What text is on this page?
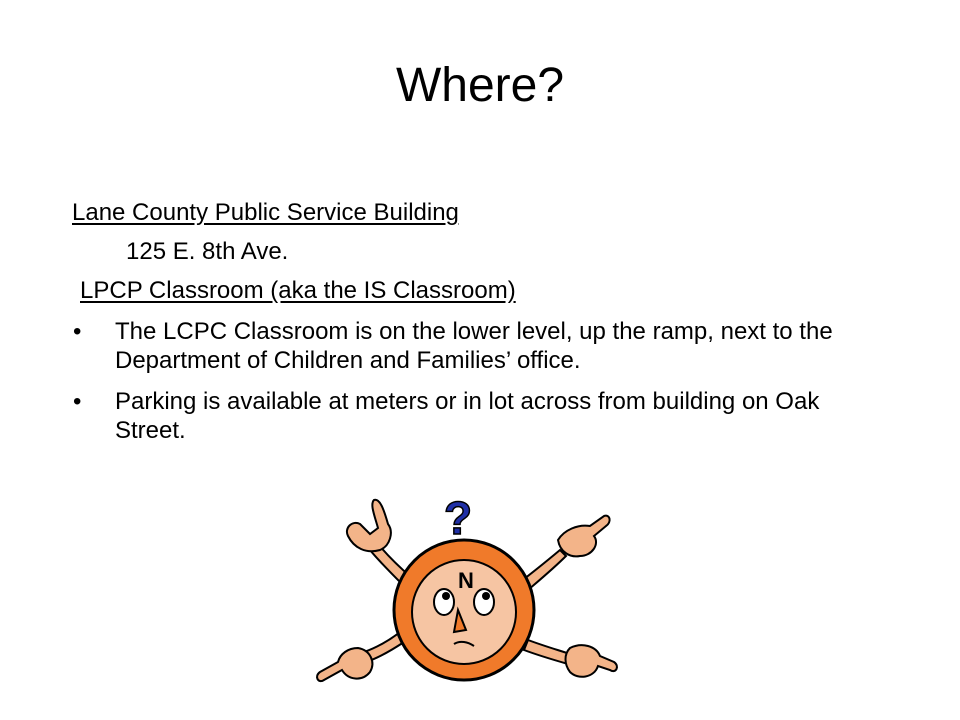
Where?
Lane County Public Service Building
125 E. 8th Ave.
LPCP Classroom (aka the IS Classroom)
• The LCPC Classroom is on the lower level, up the ramp, next to the Department of Children and Families’ office.
• Parking is available at meters or in lot across from building on Oak Street.
N
?
